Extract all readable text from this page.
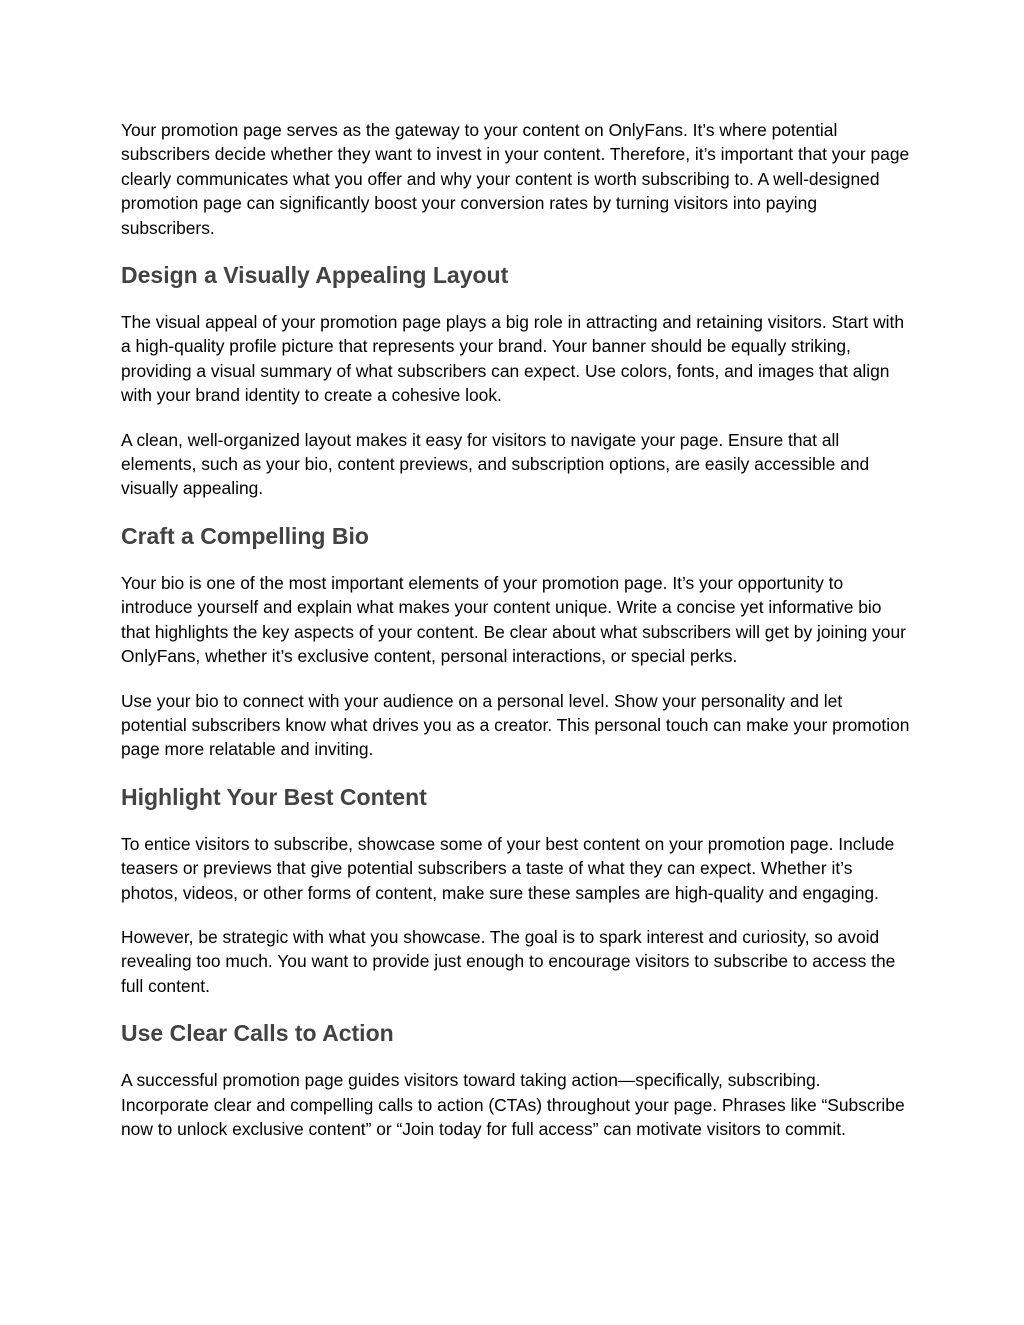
Your promotion page serves as the gateway to your content on OnlyFans. It’s where potential subscribers decide whether they want to invest in your content. Therefore, it’s important that your page clearly communicates what you offer and why your content is worth subscribing to. A well-designed promotion page can significantly boost your conversion rates by turning visitors into paying subscribers.

Design a Visually Appealing Layout

The visual appeal of your promotion page plays a big role in attracting and retaining visitors. Start with a high-quality profile picture that represents your brand. Your banner should be equally striking, providing a visual summary of what subscribers can expect. Use colors, fonts, and images that align with your brand identity to create a cohesive look.

A clean, well-organized layout makes it easy for visitors to navigate your page. Ensure that all elements, such as your bio, content previews, and subscription options, are easily accessible and visually appealing.

Craft a Compelling Bio

Your bio is one of the most important elements of your promotion page. It’s your opportunity to introduce yourself and explain what makes your content unique. Write a concise yet informative bio that highlights the key aspects of your content. Be clear about what subscribers will get by joining your OnlyFans, whether it’s exclusive content, personal interactions, or special perks.

Use your bio to connect with your audience on a personal level. Show your personality and let potential subscribers know what drives you as a creator. This personal touch can make your promotion page more relatable and inviting.

Highlight Your Best Content

To entice visitors to subscribe, showcase some of your best content on your promotion page. Include teasers or previews that give potential subscribers a taste of what they can expect. Whether it’s photos, videos, or other forms of content, make sure these samples are high-quality and engaging.

However, be strategic with what you showcase. The goal is to spark interest and curiosity, so avoid revealing too much. You want to provide just enough to encourage visitors to subscribe to access the full content.

Use Clear Calls to Action

A successful promotion page guides visitors toward taking action—specifically, subscribing. Incorporate clear and compelling calls to action (CTAs) throughout your page. Phrases like “Subscribe now to unlock exclusive content” or “Join today for full access” can motivate visitors to commit.
